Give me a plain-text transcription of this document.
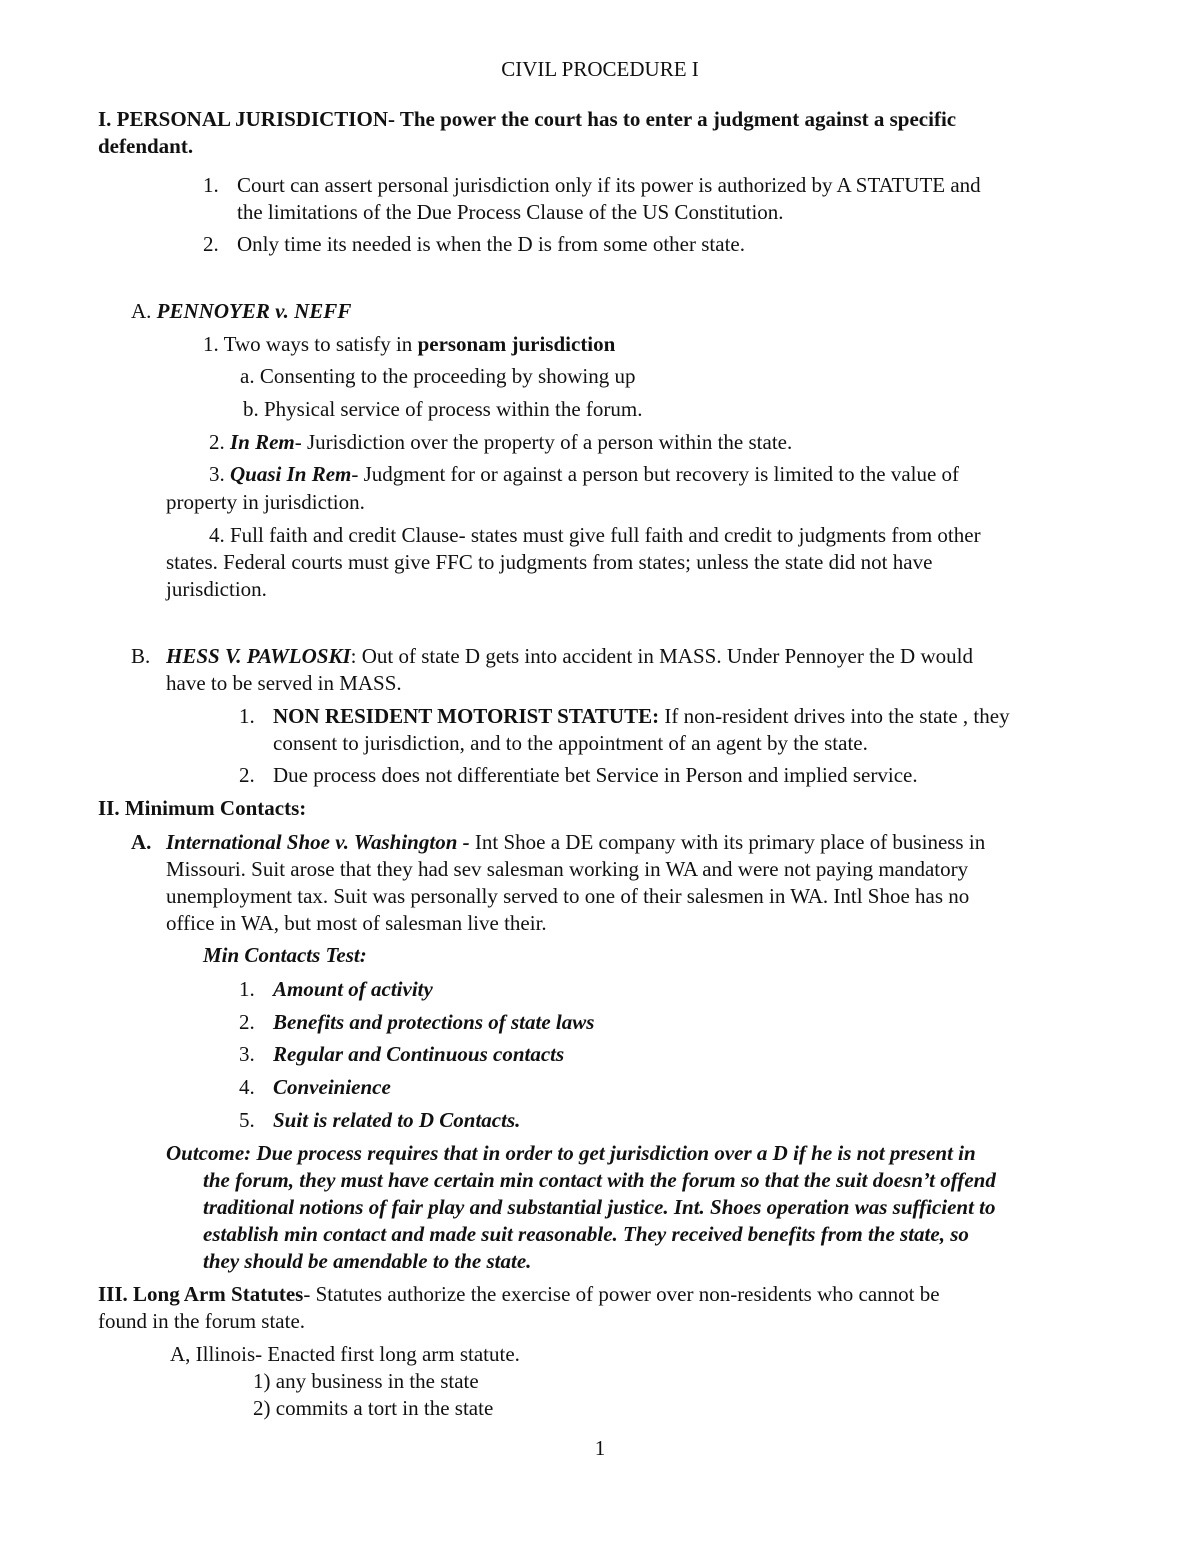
CIVIL PROCEDURE I
I. PERSONAL JURISDICTION- The power the court has to enter a judgment against a specific
defendant.
1. Court can assert personal jurisdiction only if its power is authorized by A STATUTE and
the limitations of the Due Process Clause of the US Constitution.
2. Only time its needed is when the D is from some other state.
A. PENNOYER v. NEFF
1. Two ways to satisfy in personam jurisdiction
a. Consenting to the proceeding by showing up
b. Physical service of process within the forum.
2. In Rem- Jurisdiction over the property of a person within the state.
3. Quasi In Rem- Judgment for or against a person but recovery is limited to the value of
property in jurisdiction.
4. Full faith and credit Clause- states must give full faith and credit to judgments from other
states. Federal courts must give FFC to judgments from states; unless the state did not have
jurisdiction.
B. HESS V. PAWLOSKI: Out of state D gets into accident in MASS. Under Pennoyer the D would
have to be served in MASS.
1. NON RESIDENT MOTORIST STATUTE: If non-resident drives into the state , they
consent to jurisdiction, and to the appointment of an agent by the state.
2. Due process does not differentiate bet Service in Person and implied service.
II. Minimum Contacts:
A. International Shoe v. Washington - Int Shoe a DE company with its primary place of business in
Missouri. Suit arose that they had sev salesman working in WA and were not paying mandatory
unemployment tax. Suit was personally served to one of their salesmen in WA. Intl Shoe has no
office in WA, but most of salesman live their.
Min Contacts Test:
1. Amount of activity
2. Benefits and protections of state laws
3. Regular and Continuous contacts
4. Conveinience
5. Suit is related to D Contacts.
Outcome: Due process requires that in order to get jurisdiction over a D if he is not present in
the forum, they must have certain min contact with the forum so that the suit doesn’t offend
traditional notions of fair play and substantial justice. Int. Shoes operation was sufficient to
establish min contact and made suit reasonable. They received benefits from the state, so
they should be amendable to the state.
III. Long Arm Statutes- Statutes authorize the exercise of power over non-residents who cannot be
found in the forum state.
A, Illinois- Enacted first long arm statute.
1) any business in the state
2) commits a tort in the state
1
